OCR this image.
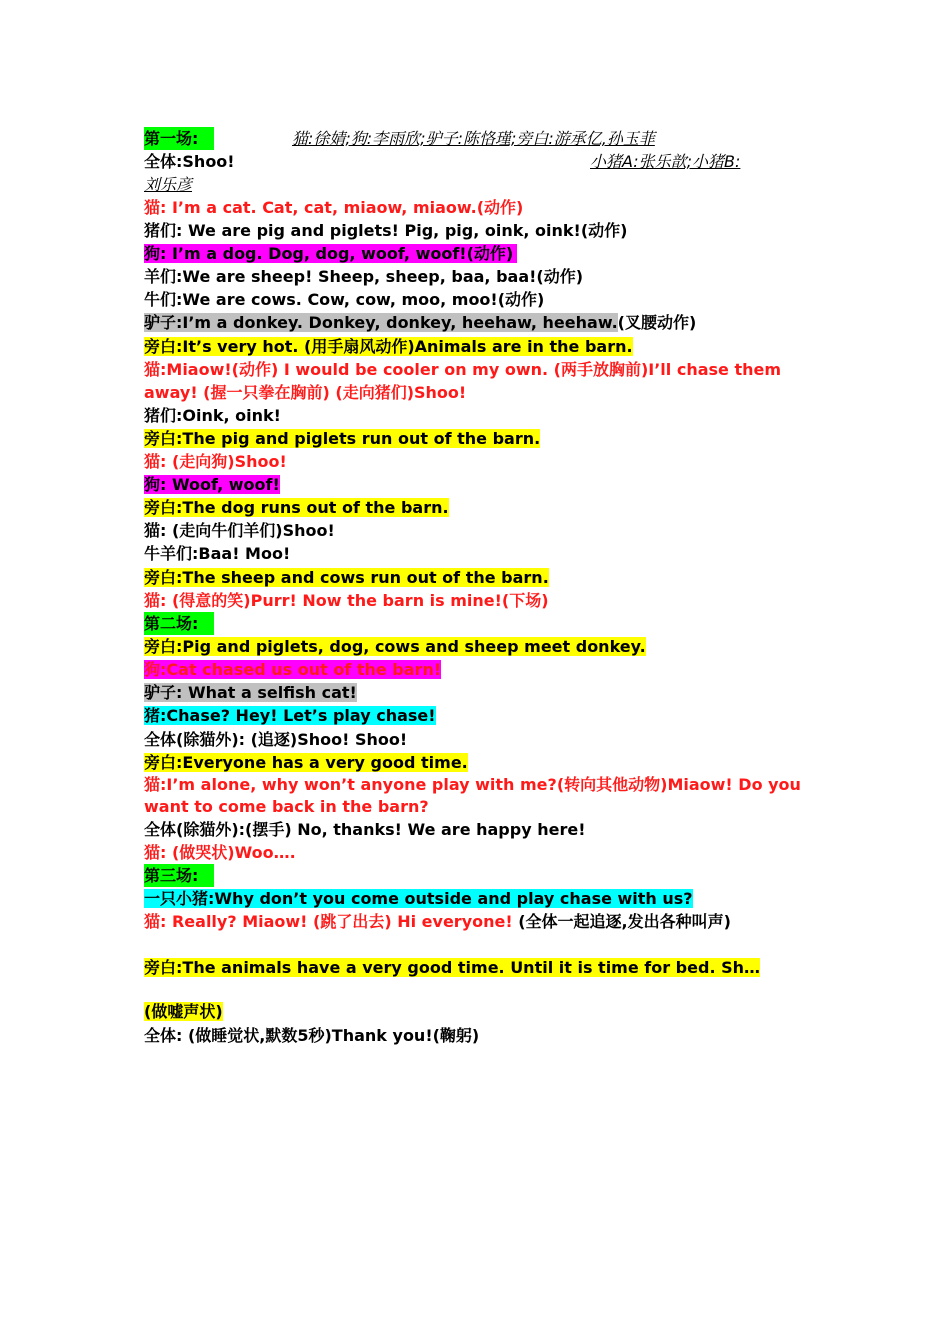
第一场:	猫:徐婧;狗:李雨欣;驴子:陈恪瑾;旁白:游承亿,孙玉菲
全体:Shoo!	小猪A:张乐歆;小猪B:
刘乐彦
猫: I’m a cat. Cat, cat, miaow, miaow.(动作)
猪们: We are pig and piglets! Pig, pig, oink, oink!(动作)
狗: I’m a dog. Dog, dog, woof, woof!(动作)
羊们:We are sheep! Sheep, sheep, baa, baa!(动作)
牛们:We are cows. Cow, cow, moo, moo!(动作)
驴子:I’m a donkey. Donkey, donkey, heehaw, heehaw.(叉腰动作)
旁白:It’s very hot. (用手扇风动作)Animals are in the barn.
猫:Miaow!(动作) I would be cooler on my own. (两手放胸前)I’ll chase them away! (握一只拳在胸前) (走向猪们)Shoo!
猪们:Oink, oink!
旁白:The pig and piglets run out of the barn.
猫: (走向狗)Shoo!
狗: Woof, woof!
旁白:The dog runs out of the barn.
猫: (走向牛们羊们)Shoo!
牛羊们:Baa! Moo!
旁白:The sheep and cows run out of the barn.
猫: (得意的笑)Purr! Now the barn is mine!(下场)
第二场:
旁白:Pig and piglets, dog, cows and sheep meet donkey.
狗:Cat chased us out of the barn!
驴子: What a selfish cat!
猪:Chase? Hey! Let’s play chase!
全体(除猫外): (追逐)Shoo! Shoo!
旁白:Everyone has a very good time.
猫:I’m alone, why won’t anyone play with me?(转向其他动物)Miaow! Do you want to come back in the barn?
全体(除猫外):(摆手) No, thanks! We are happy here!
猫: (做哭状)Woo….
第三场:
一只小猪:Why don’t you come outside and play chase with us?
猫: Really? Miaow! (跳了出去) Hi everyone! (全体一起追逐,发出各种叫声)
旁白:The animals have a very good time. Until it is time for bed. Sh…
(做嘘声状)
全体: (做睡觉状,默数5秒)Thank you!(鞠躬)
